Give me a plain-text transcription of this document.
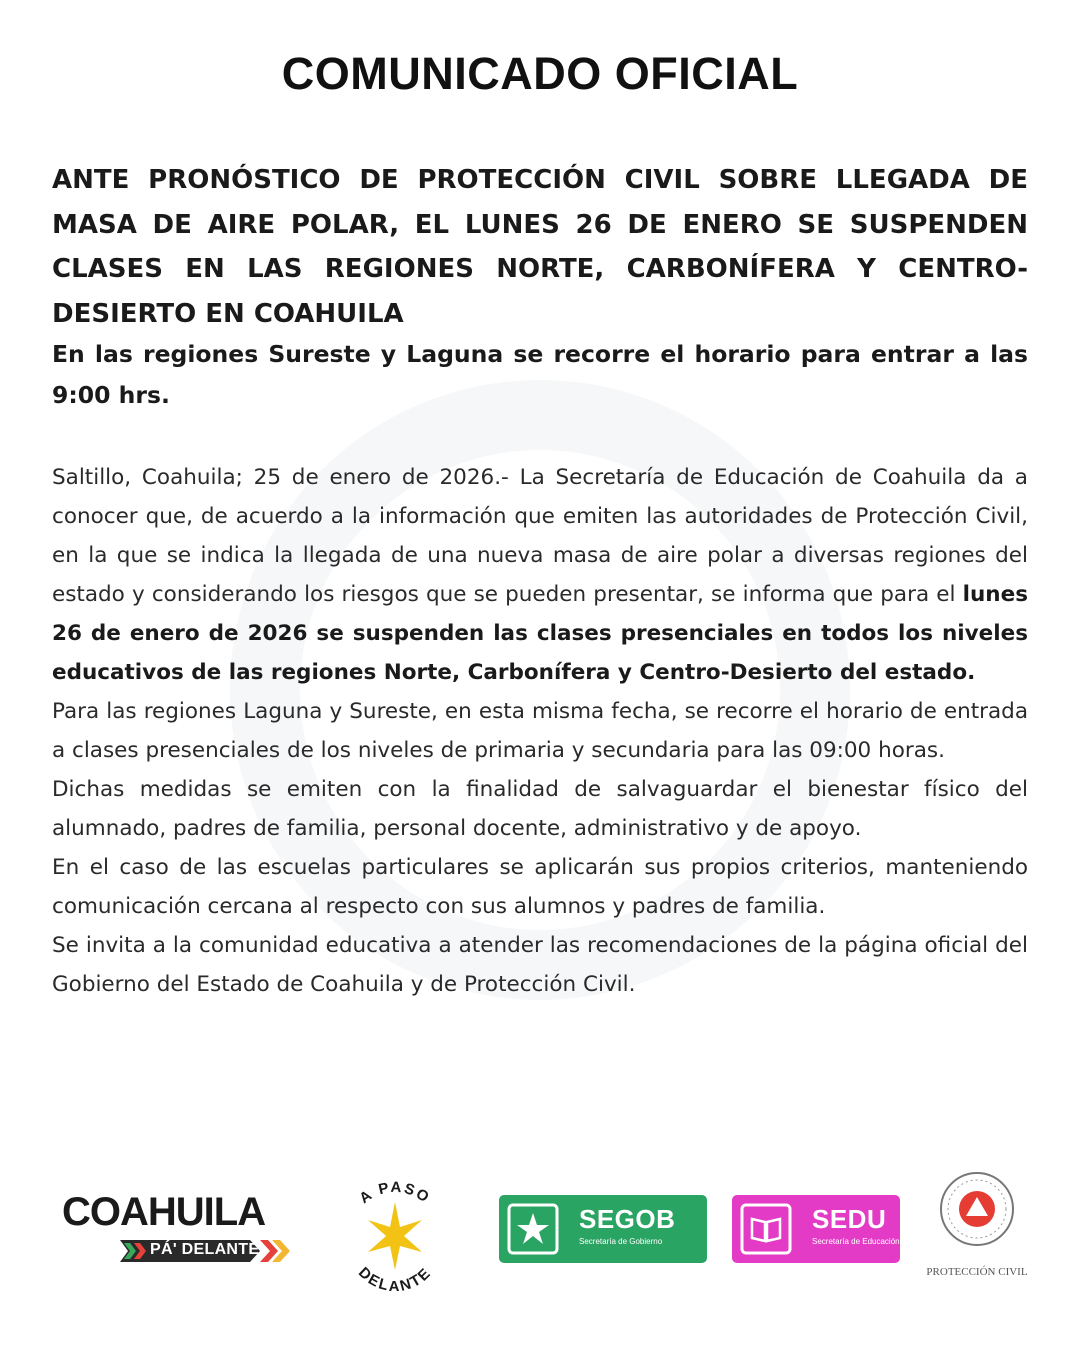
COMUNICADO OFICIAL

ANTE PRONÓSTICO DE PROTECCIÓN CIVIL SOBRE LLEGADA DE MASA DE AIRE POLAR, EL LUNES 26 DE ENERO SE SUSPENDEN CLASES EN LAS REGIONES NORTE, CARBONÍFERA Y CENTRO-DESIERTO EN COAHUILA

En las regiones Sureste y Laguna se recorre el horario para entrar a las 9:00 hrs.

Saltillo, Coahuila; 25 de enero de 2026.- La Secretaría de Educación de Coahuila da a conocer que, de acuerdo a la información que emiten las autoridades de Protección Civil, en la que se indica la llegada de una nueva masa de aire polar a diversas regiones del estado y considerando los riesgos que se pueden presentar, se informa que para el lunes 26 de enero de 2026 se suspenden las clases presenciales en todos los niveles educativos de las regiones Norte, Carbonífera y Centro-Desierto del estado.

Para las regiones Laguna y Sureste, en esta misma fecha, se recorre el horario de entrada a clases presenciales de los niveles de primaria y secundaria para las 09:00 horas.

Dichas medidas se emiten con la finalidad de salvaguardar el bienestar físico del alumnado, padres de familia, personal docente, administrativo y de apoyo.

En el caso de las escuelas particulares se aplicarán sus propios criterios, manteniendo comunicación cercana al respecto con sus alumnos y padres de familia.

Se invita a la comunidad educativa a atender las recomendaciones de la página oficial del Gobierno del Estado de Coahuila y de Protección Civil.

COAHUILA
PÁ' DELANTE
A PASO
DELANTE
SEGOB
Secretaría de Gobierno
SEDU
Secretaría de Educación
PROTECCIÓN CIVIL
